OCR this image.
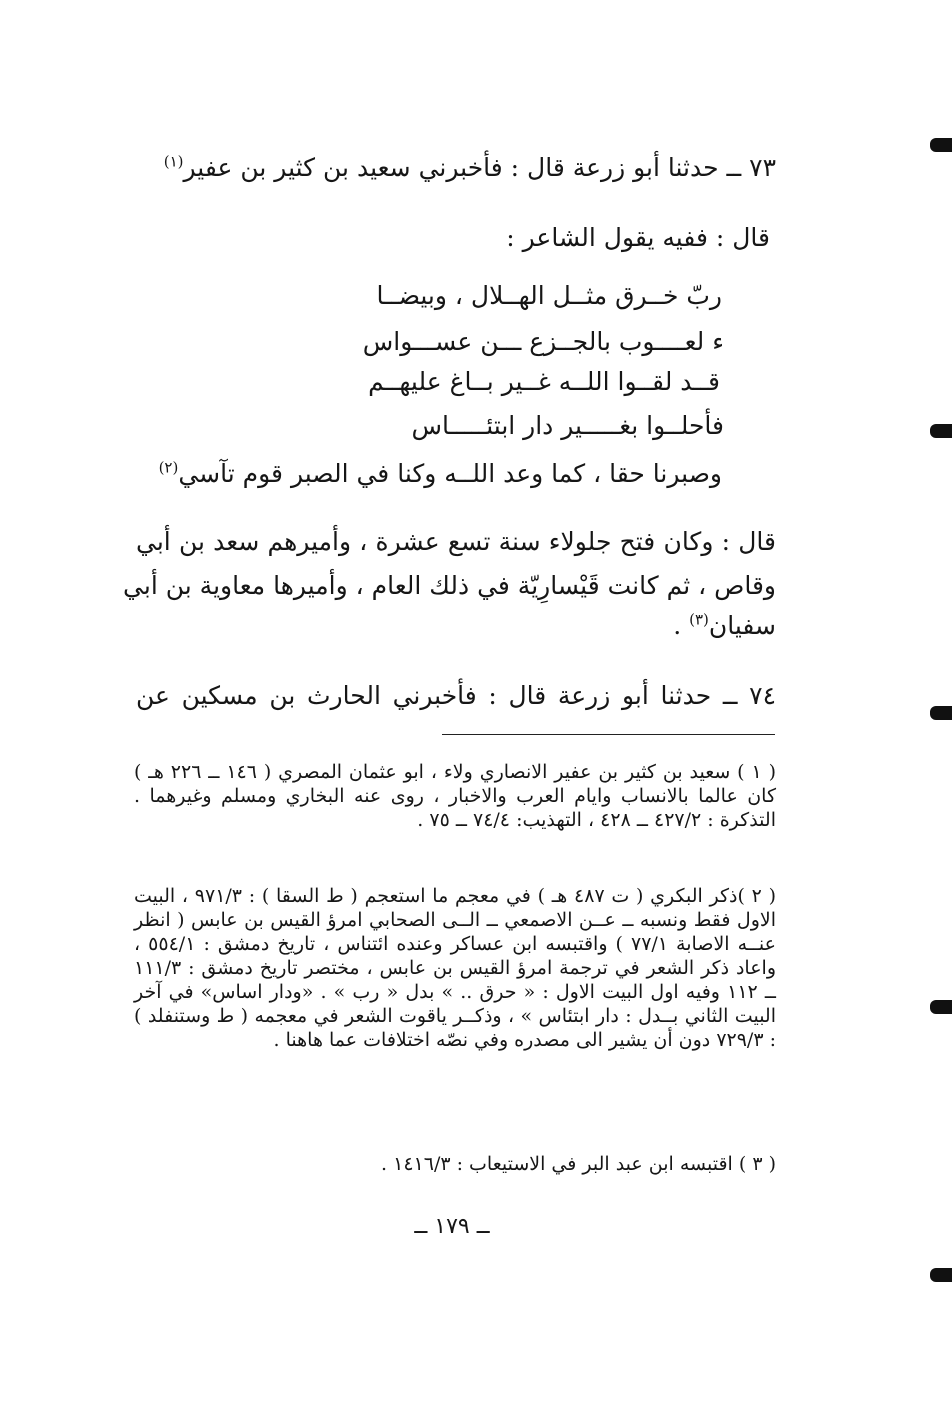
٧٣ ــ حدثنا أبو زرعة قال : فأخبرني سعيد بن كثير بن عفير$^{(١)}$
قال : ففيه يقول الشاعر :
ربّ خــرق مثــل الهــلال ، وبيضــا
ء لعــــوب بالجــزع ـــن عســـواس
قــد لقــوا اللــه غــير بــاغ عليهــم
فأحلــوا بغـــــير دار ابتئـــــاس
وصبرنا حقا ، كما وعد اللــه وكنا في الصبر قوم تآسي$^{(٢)}$
قال : وكان فتح جلولاء سنة تسع عشرة ، وأميرهم سعد بن أبي
وقاص ، ثم كانت قَيْسارِيّة في ذلك العام ، وأميرها معاوية بن أبي
سفيان$^{(٣)}$ .
٧٤ ــ حدثنا أبو زرعة قال : فأخبرني الحارث بن مسكين عن
( ١ ) سعيد بن كثير بن عفير الانصاري ولاء ، ابو عثمان المصري ( ١٤٦ ــ ٢٢٦ هـ ) كان عالما بالانساب وايام العرب والاخبار ، روى عنه البخاري ومسلم وغيرهما . التذكرة : ٤٢٧/٢ ــ ٤٢٨ ، التهذيب: ٧٤/٤ ــ ٧٥ .
( ٢ )ذكر البكري ( ت ٤٨٧ هـ ) في معجم ما استعجم ( ط السقا ) : ٩٧١/٣ ، البيت الاول فقط ونسبه ــ عــن الاصمعي ــ الــى الصحابي امرؤ القيس بن عابس ( انظر عنــه الاصابة ٧٧/١ ) واقتبسه ابن عساكر وعنده ائتناس ، تاريخ دمشق : ٥٥٤/١ ، واعاد ذكر الشعر في ترجمة امرؤ القيس بن عابس ، مختصر تاريخ دمشق : ١١١/٣ ــ ١١٢ وفيه اول البيت الاول : « حرق .. » بدل « رب » . «ودار اساس» في آخر البيت الثاني بــدل : دار ابتئاس » ، وذكــر ياقوت الشعر في معجمه ( ط وستنفلد ) : ٧٢٩/٣ دون أن يشير الى مصدره وفي نصّه اختلافات عما هاهنا .
( ٣ ) اقتبسه ابن عبد البر في الاستيعاب : ١٤١٦/٣ .
ــ ١٧٩ ــ
